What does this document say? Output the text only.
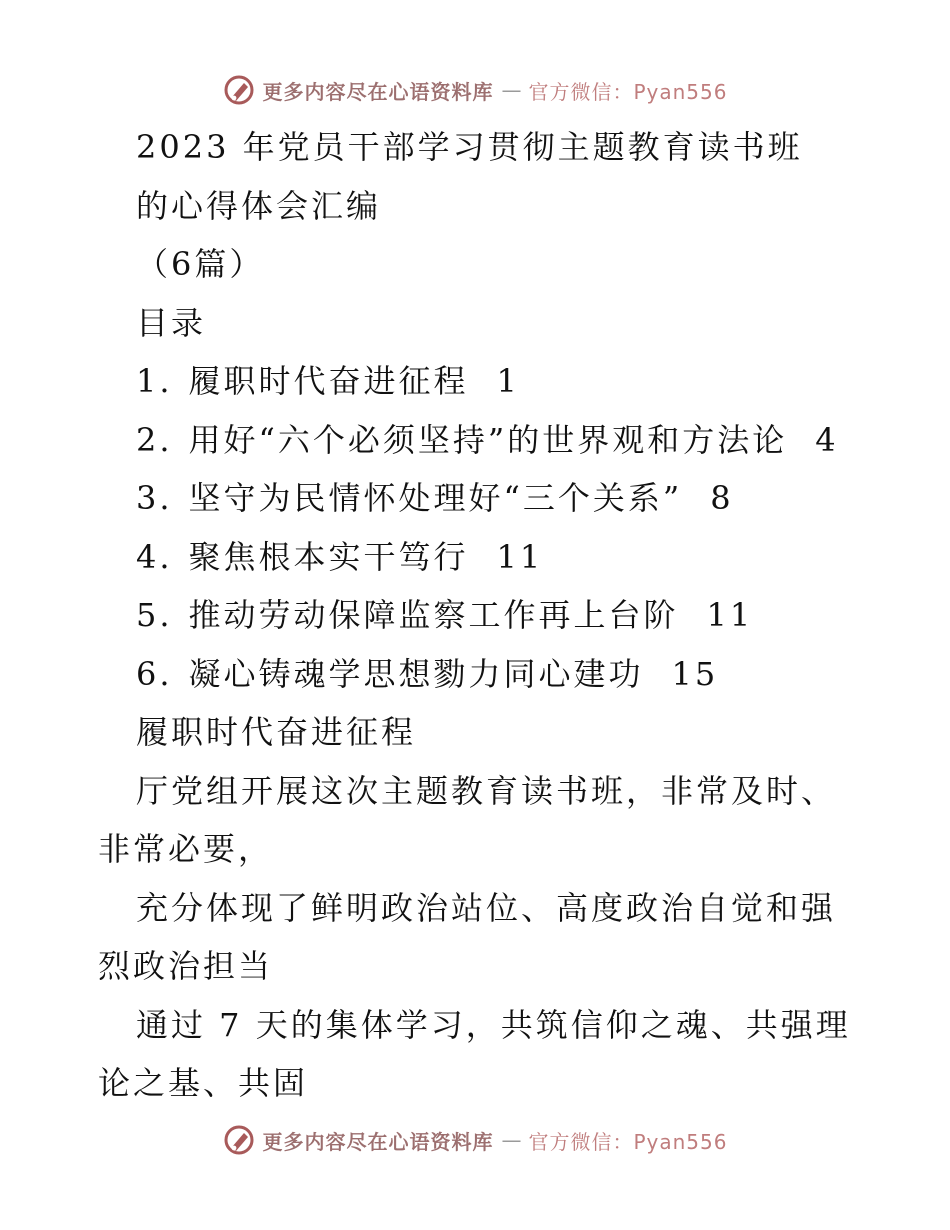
更多内容尽在心语资料库 — 官方微信：Pyan556
2023 年党员干部学习贯彻主题教育读书班
的心得体会汇编
（6篇）
目录
1. 履职时代奋进征程 1
2. 用好“六个必须坚持”的世界观和方法论 4
3. 坚守为民情怀处理好“三个关系” 8
4. 聚焦根本实干笃行 11
5. 推动劳动保障监察工作再上台阶 11
6. 凝心铸魂学思想勠力同心建功 15
履职时代奋进征程

厅党组开展这次主题教育读书班，非常及时、非常必要，

充分体现了鲜明政治站位、高度政治自觉和强烈政治担当

通过 7 天的集体学习，共筑信仰之魂、共强理论之基、共固

更多内容尽在心语资料库 — 官方微信：Pyan556
